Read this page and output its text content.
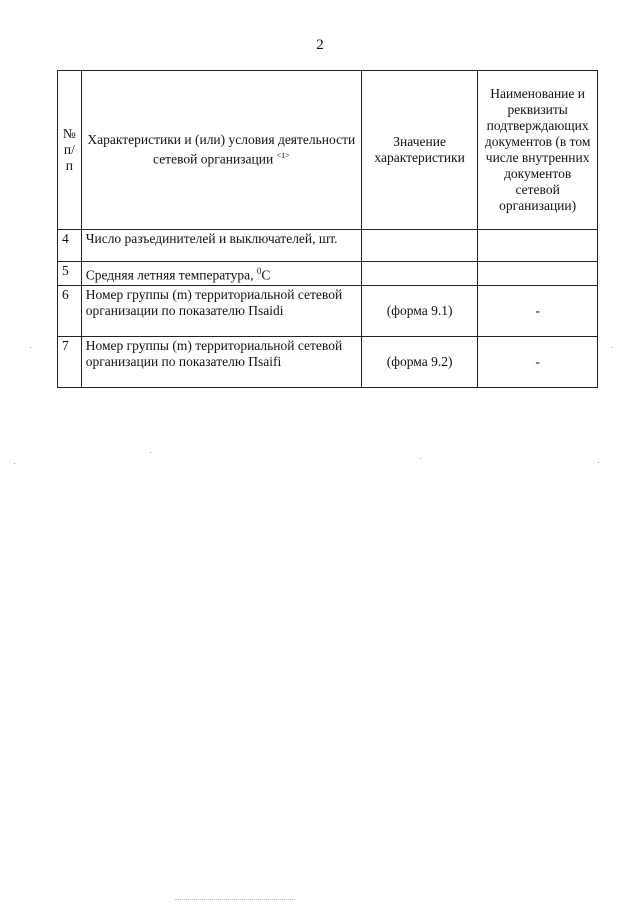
2
№ п/п	Характеристики и (или) условия деятельности сетевой организации $^{<1>}$	Значение характеристики	Наименование и реквизиты подтверждающих документов (в том числе внутренних документов сетевой организации)
4	Число разъединителей и выключателей, шт.		
5	Средняя летняя температура, $^0$С		
6	Номер группы (m) территориальной сетевой организации по показателю Пsaidi	(форма 9.1)	-
7	Номер группы (m) территориальной сетевой организации по показателю Пsaifi	(форма 9.2)	-
